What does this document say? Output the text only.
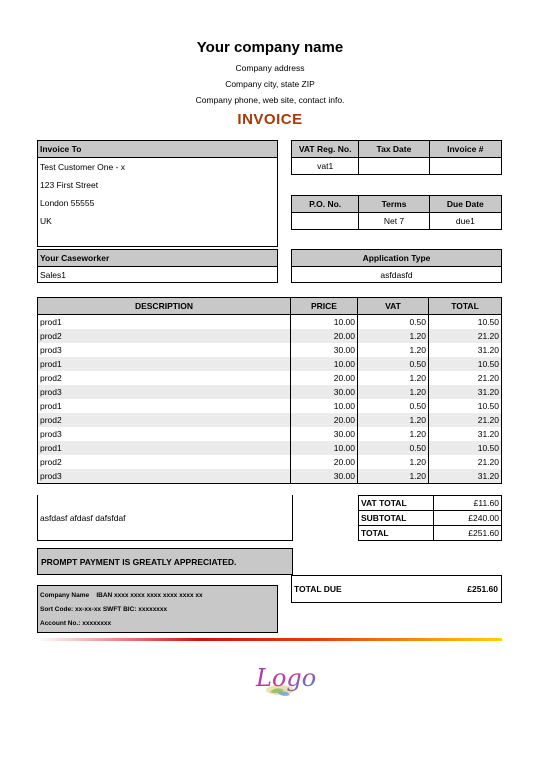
Your company name
Company address
Company city, state ZIP
Company phone, web site, contact info.
INVOICE
Invoice To
Test Customer One - x
123 First Street
London 55555
UK
VAT Reg. No.	Tax Date	Invoice #
vat1		
P.O. No.	Terms	Due Date
	Net 7	due1
Your Caseworker
Sales1
Application Type
asfdasfd
DESCRIPTION	PRICE	VAT	TOTAL
prod1	10.00	0.50	10.50
prod2	20.00	1.20	21.20
prod3	30.00	1.20	31.20
prod1	10.00	0.50	10.50
prod2	20.00	1.20	21.20
prod3	30.00	1.20	31.20
prod1	10.00	0.50	10.50
prod2	20.00	1.20	21.20
prod3	30.00	1.20	31.20
prod1	10.00	0.50	10.50
prod2	20.00	1.20	21.20
prod3	30.00	1.20	31.20
asfdasf afdasf dafsfdaf
VAT TOTAL	£11.60
SUBTOTAL	£240.00
TOTAL	£251.60
PROMPT PAYMENT IS GREATLY APPRECIATED.
Company Name    IBAN xxxx xxxx xxxx xxxx xxxx xx
Sort Code: xx-xx-xx SWFT BIC: xxxxxxxx
Account No.: xxxxxxxx
TOTAL DUE	£251.60
Logo
